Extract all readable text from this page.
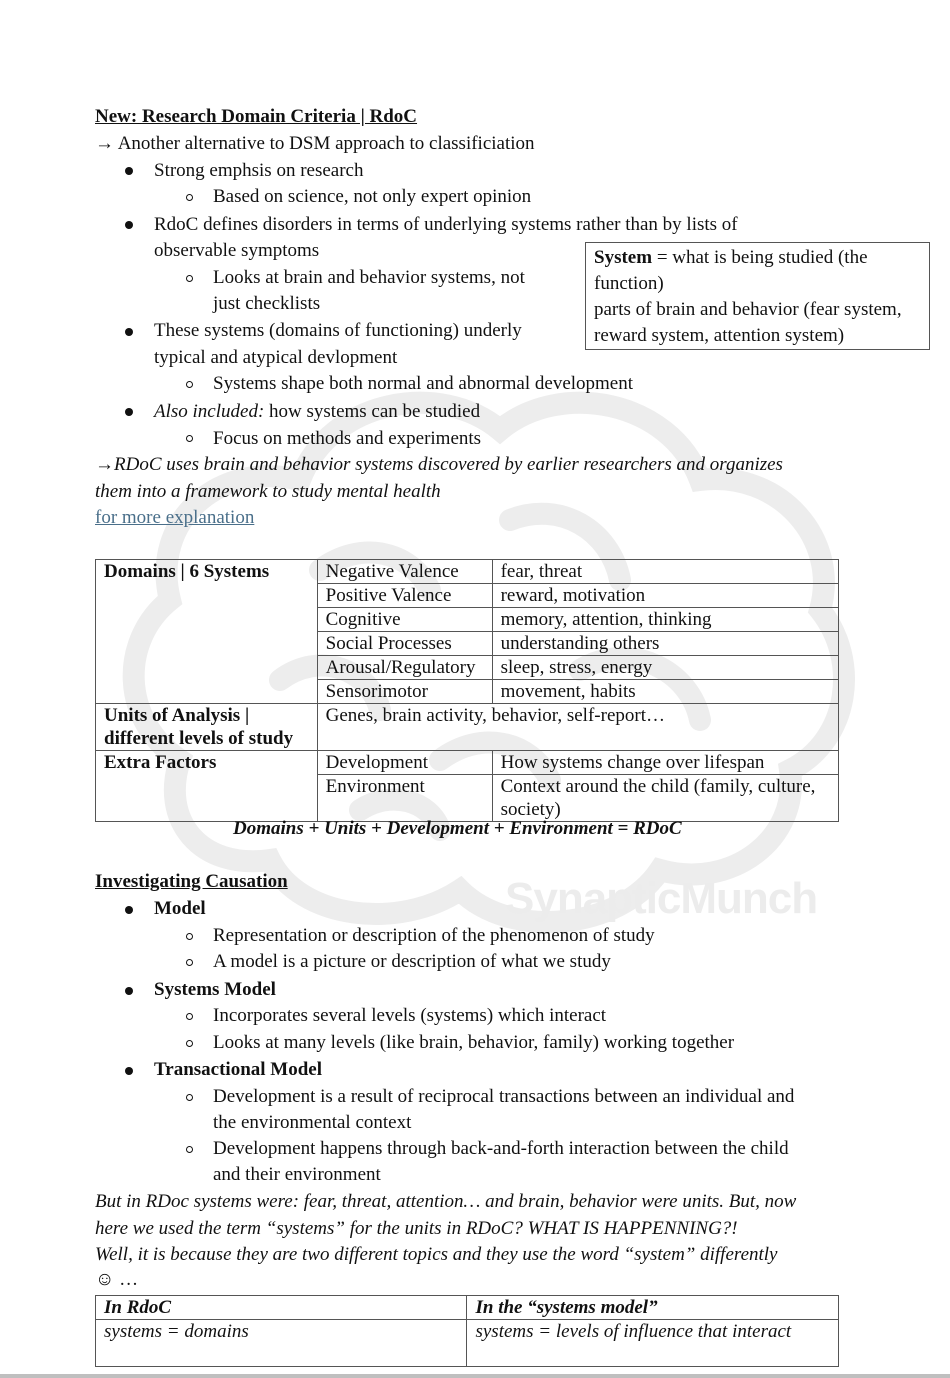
SynapticMunch
New: Research Domain Criteria | RdoC
→ Another alternative to DSM approach to classificiation
Strong emphsis on research
Based on science, not only expert opinion
RdoC defines disorders in terms of underlying systems rather than by lists of
observable symptoms
Looks at brain and behavior systems, not
just checklists
These systems (domains of functioning) underly
typical and atypical devlopment
Systems shape both normal and abnormal development
Also included: how systems can be studied
Focus on methods and experiments
→RDoC uses brain and behavior systems discovered by earlier researchers and organizes
them into a framework to study mental health
for more explanation
System = what is being studied (the
function)
parts of brain and behavior (fear system,
reward system, attention system)
Domains | 6 Systems	Negative Valence	fear, threat
	Positive Valence	reward, motivation
	Cognitive	memory, attention, thinking
	Social Processes	understanding others
	Arousal/Regulatory	sleep, stress, energy
	Sensorimotor	movement, habits

Units of Analysis |
different levels of study	Genes, brain activity, behavior, self-report…	
Extra Factors	Development	How systems change over lifespan
	Environment	Context around the child (family, culture,
society)
Domains + Units + Development + Environment = RDoC
Investigating Causation
Model
Representation or description of the phenomenon of study
A model is a picture or description of what we study
Systems Model
Incorporates several levels (systems) which interact
Looks at many levels (like brain, behavior, family) working together
Transactional Model
Development is a result of reciprocal transactions between an individual and
the environmental context
Development happens through back-and-forth interaction between the child
and their environment
But in RDoc systems were: fear, threat, attention… and brain, behavior were units. But, now
here we used the term “systems” for the units in RDoC? WHAT IS HAPPENNING?!
Well, it is because they are two different topics and they use the word “system” differently
☺ …
In RdoC	In the “systems model”
systems = domains	systems = levels of influence that interact
